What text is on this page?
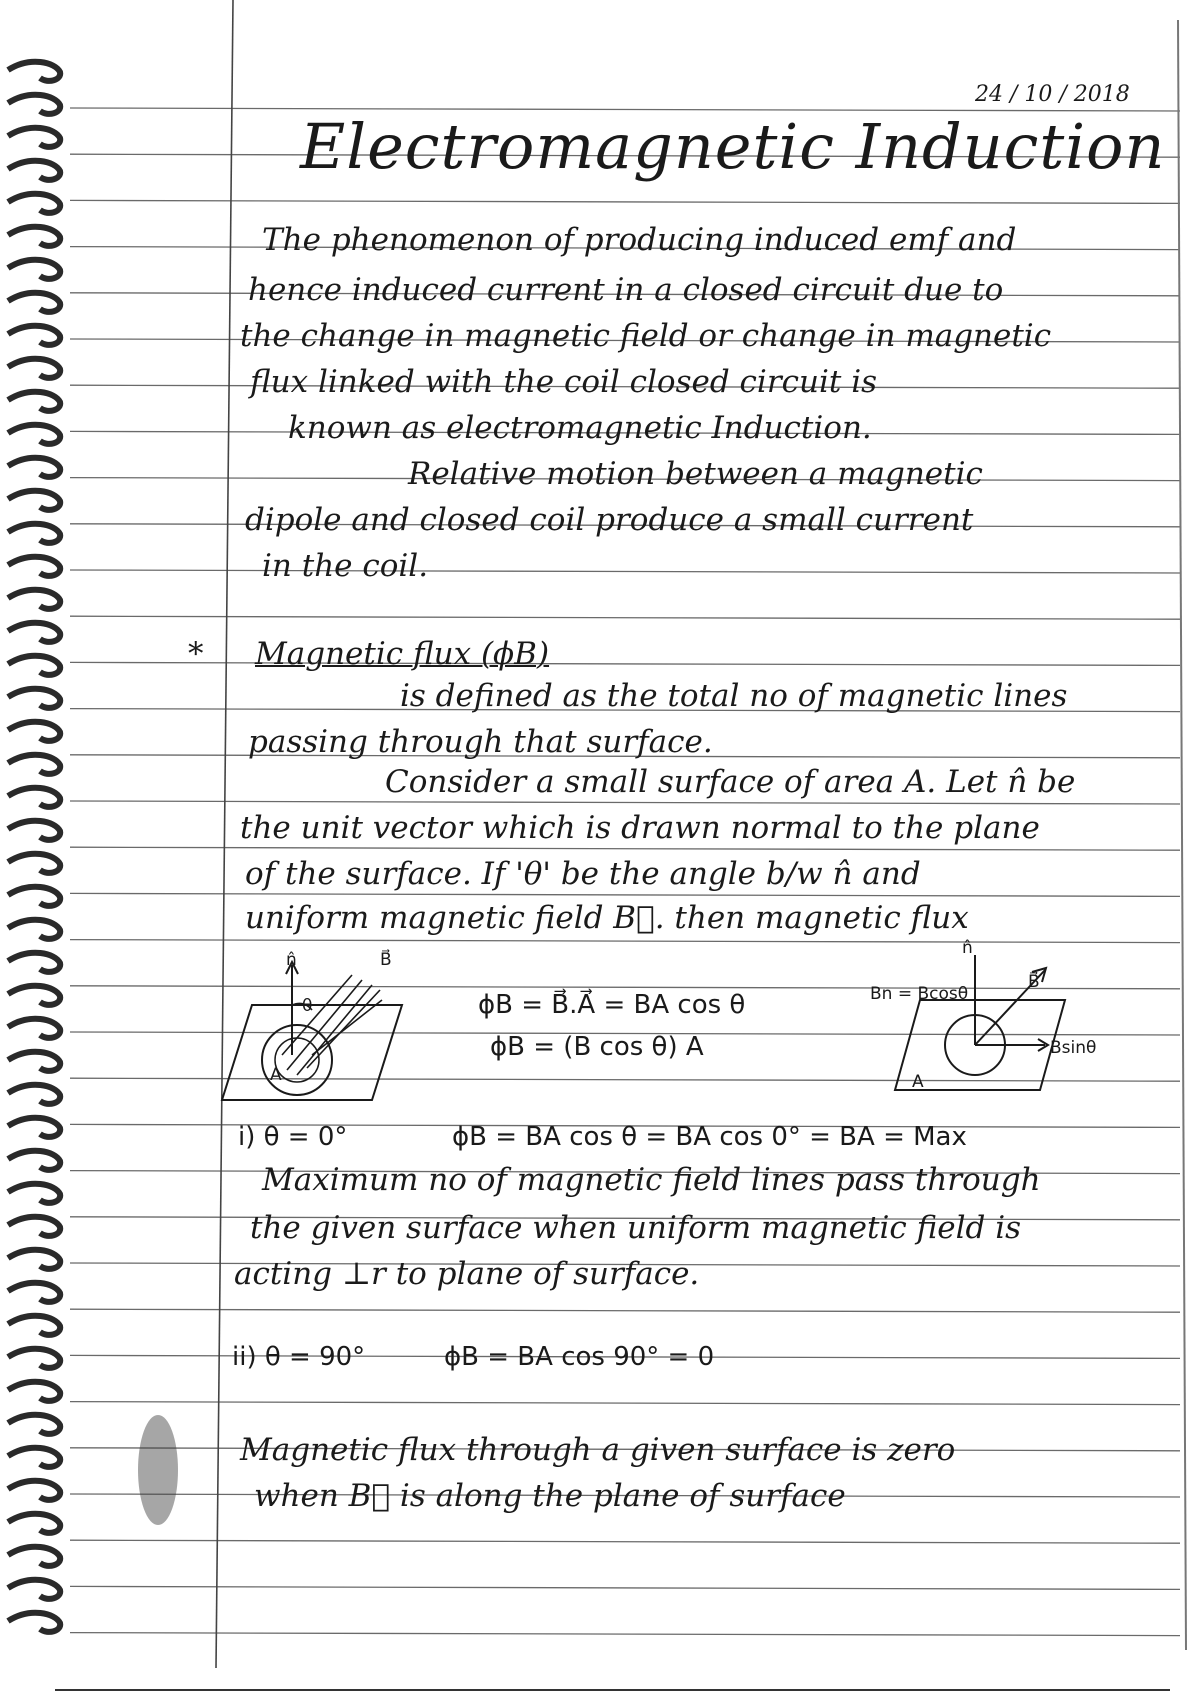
24 / 10 / 2018
Electromagnetic Induction
The phenomenon of producing induced emf and
hence induced current in a closed circuit due to
the change in magnetic field or change in magnetic
flux linked with the coil closed circuit is
known as electromagnetic Induction.
Relative motion between a magnetic
dipole and closed coil produce a small current
in the coil.
* Magnetic flux (ϕB)
is defined as the total no of magnetic lines
passing through that surface.
Consider a small surface of area A. Let n̂ be
the unit vector which is drawn normal to the plane
of the surface. If 'θ' be the angle b/w n̂ and
uniform magnetic field B⃗. then magnetic flux
n̂	B⃗
θ
A
ϕB = B⃗.A⃗ = BA cos θ
ϕB = (B cos θ) A
n̂
Bn = Bcosθ
B⃗
Bsinθ
A
i) θ = 0°	ϕB = BA cos θ = BA cos 0° = BA = Max
Maximum no of magnetic field lines pass through
the given surface when uniform magnetic field is
acting ⊥r to plane of surface.
ii) θ = 90°	ϕB = BA cos 90° = 0
Magnetic flux through a given surface is zero
when B⃗ is along the plane of surface
